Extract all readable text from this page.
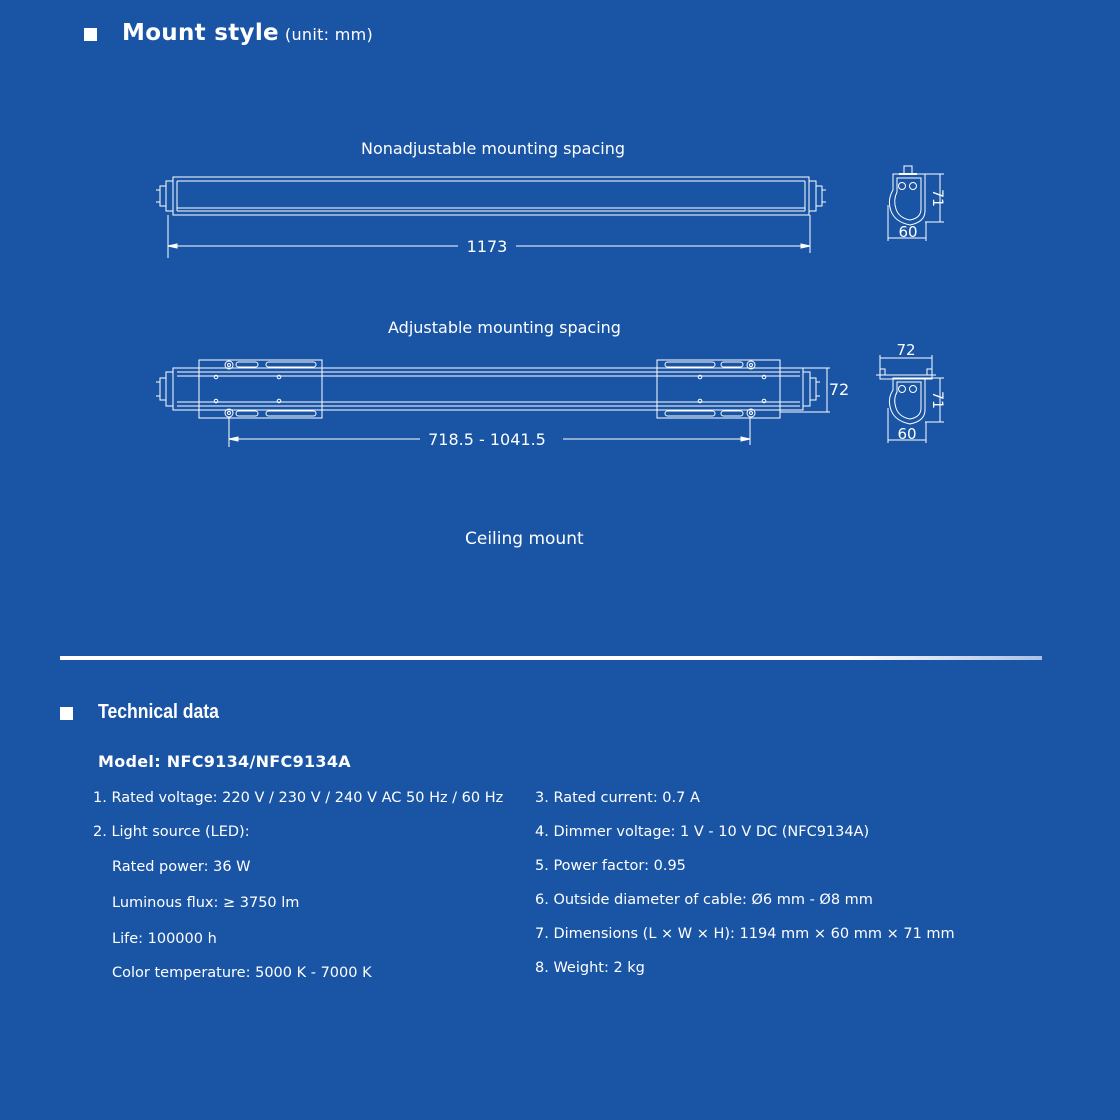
Mount style (unit: mm)
Nonadjustable mounting spacing
Adjustable mounting spacing
Ceiling mount
1173
60
71
718.5 - 1041.5
72
72
60
71
Technical data
Model: NFC9134/NFC9134A
1. Rated voltage: 220 V / 230 V / 240 V AC 50 Hz / 60 Hz
2. Light source (LED):
Rated power: 36 W
Luminous flux: ≥ 3750 lm
Life: 100000 h
Color temperature: 5000 K - 7000 K
3. Rated current: 0.7 A
4. Dimmer voltage: 1 V - 10 V DC (NFC9134A)
5. Power factor: 0.95
6. Outside diameter of cable: Ø6 mm - Ø8 mm
7. Dimensions (L × W × H): 1194 mm × 60 mm × 71 mm
8. Weight: 2 kg
